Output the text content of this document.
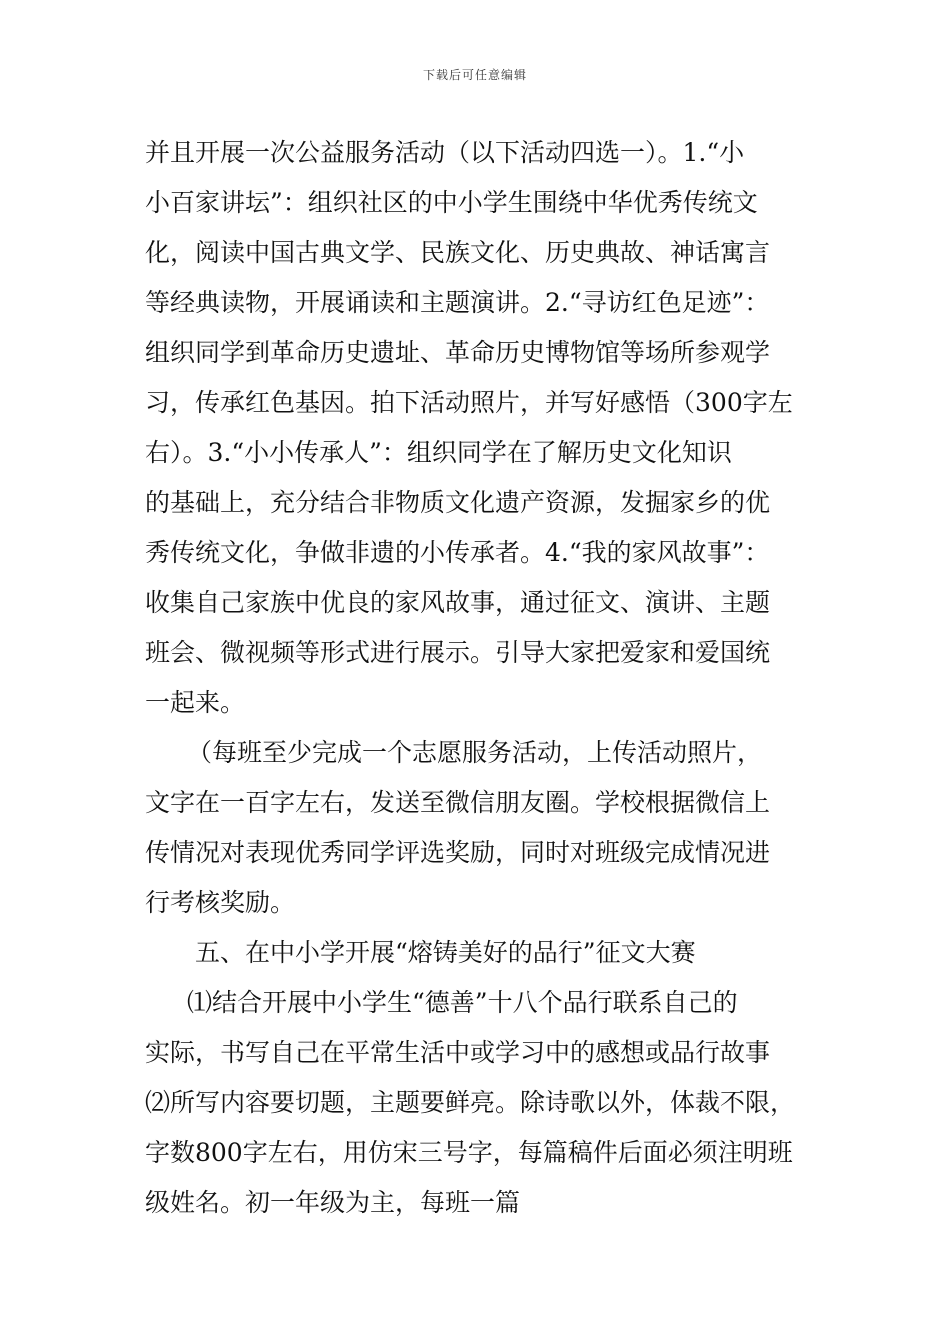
下载后可任意编辑
并且开展一次公益服务活动（以下活动四选一）。1.“小
小百家讲坛”：组织社区的中小学生围绕中华优秀传统文
化，阅读中国古典文学、民族文化、历史典故、神话寓言
等经典读物，开展诵读和主题演讲。2.“寻访红色足迹”：
组织同学到革命历史遗址、革命历史博物馆等场所参观学
习，传承红色基因。拍下活动照片，并写好感悟（300字左
右）。3.“小小传承人”：组织同学在了解历史文化知识
的基础上，充分结合非物质文化遗产资源，发掘家乡的优
秀传统文化，争做非遗的小传承者。4.“我的家风故事”：
收集自己家族中优良的家风故事，通过征文、演讲、主题
班会、微视频等形式进行展示。引导大家把爱家和爱国统
一起来。
（每班至少完成一个志愿服务活动，上传活动照片，
文字在一百字左右，发送至微信朋友圈。学校根据微信上
传情况对表现优秀同学评选奖励，同时对班级完成情况进
行考核奖励。
五、在中小学开展“熔铸美好的品行”征文大赛
⑴结合开展中小学生“德善”十八个品行联系自己的
实际，书写自己在平常生活中或学习中的感想或品行故事
⑵所写内容要切题，主题要鲜亮。除诗歌以外，体裁不限，
字数800字左右，用仿宋三号字，每篇稿件后面必须注明班
级姓名。初一年级为主，每班一篇
